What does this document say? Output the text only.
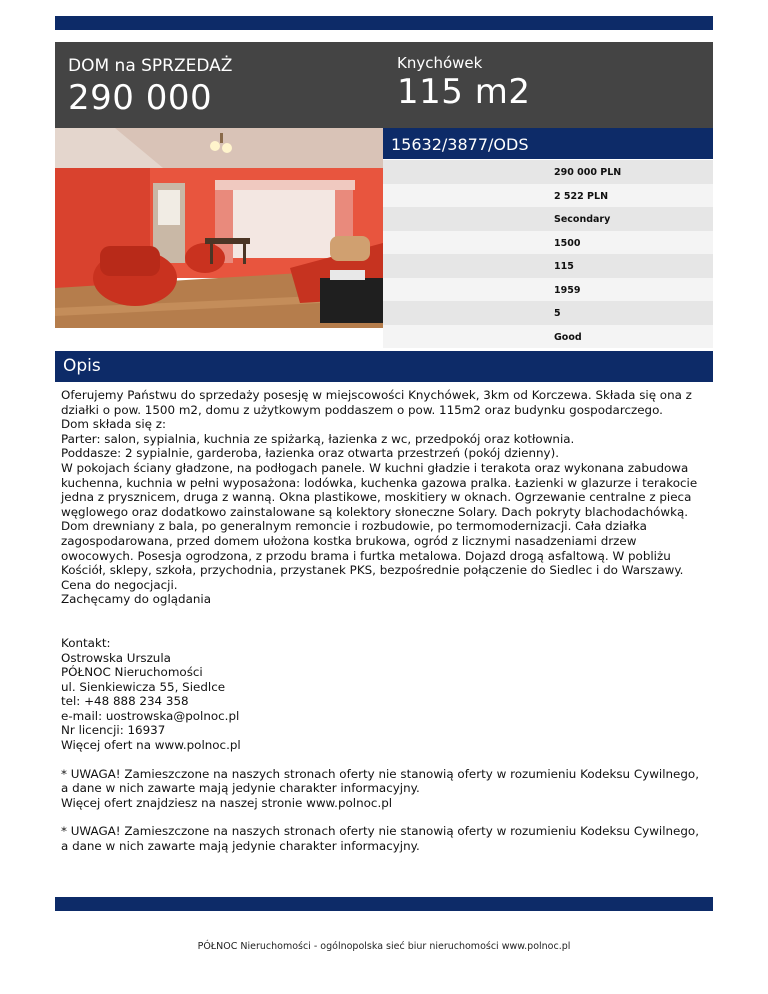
DOM na SPRZEDAŻ
290 000
Knychówek
115 m2
15632/3877/ODS
290 000 PLN
2 522 PLN
Secondary
1500
115
1959
5
Good
Opis

Oferujemy Państwu do sprzedaży posesję w miejscowości Knychówek, 3km od Korczewa. Składa się ona z działki o pow. 1500 m2, domu z użytkowym poddaszem o pow. 115m2 oraz budynku gospodarczego.

Dom składa się z:

Parter: salon, sypialnia, kuchnia ze spiżarką, łazienka z wc, przedpokój oraz kotłownia.

Poddasze: 2 sypialnie, garderoba, łazienka oraz otwarta przestrzeń (pokój dzienny).

W pokojach ściany gładzone, na podłogach panele. W kuchni gładzie i terakota oraz wykonana zabudowa kuchenna, kuchnia w pełni wyposażona: lodówka, kuchenka gazowa pralka. Łazienki w glazurze i terakocie jedna z prysznicem, druga z wanną. Okna plastikowe, moskitiery w oknach. Ogrzewanie centralne z pieca węglowego oraz dodatkowo zainstalowane są kolektory słoneczne Solary. Dach pokryty blachodachówką. Dom drewniany z bala, po generalnym remoncie i rozbudowie, po termomodernizacji. Cała działka zagospodarowana, przed domem ułożona kostka brukowa, ogród z licznymi nasadzeniami drzew owocowych. Posesja ogrodzona, z przodu brama i furtka metalowa. Dojazd drogą asfaltową. W pobliżu Kościół, sklepy, szkoła, przychodnia, przystanek PKS, bezpośrednie połączenie do Siedlec i do Warszawy.

Cena do negocjacji.

Zachęcamy do oglądania

Kontakt:

Ostrowska Urszula

PÓŁNOC Nieruchomości

ul. Sienkiewicza 55, Siedlce

tel: +48 888 234 358

e-mail: uostrowska@polnoc.pl

Nr licencji: 16937

Więcej ofert na www.polnoc.pl

* UWAGA! Zamieszczone na naszych stronach oferty nie stanowią oferty w rozumieniu Kodeksu Cywilnego, a dane w nich zawarte mają jedynie charakter informacyjny.

Więcej ofert znajdziesz na naszej stronie www.polnoc.pl

* UWAGA! Zamieszczone na naszych stronach oferty nie stanowią oferty w rozumieniu Kodeksu Cywilnego, a dane w nich zawarte mają jedynie charakter informacyjny.

PÓŁNOC Nieruchomości - ogólnopolska sieć biur nieruchomości www.polnoc.pl
